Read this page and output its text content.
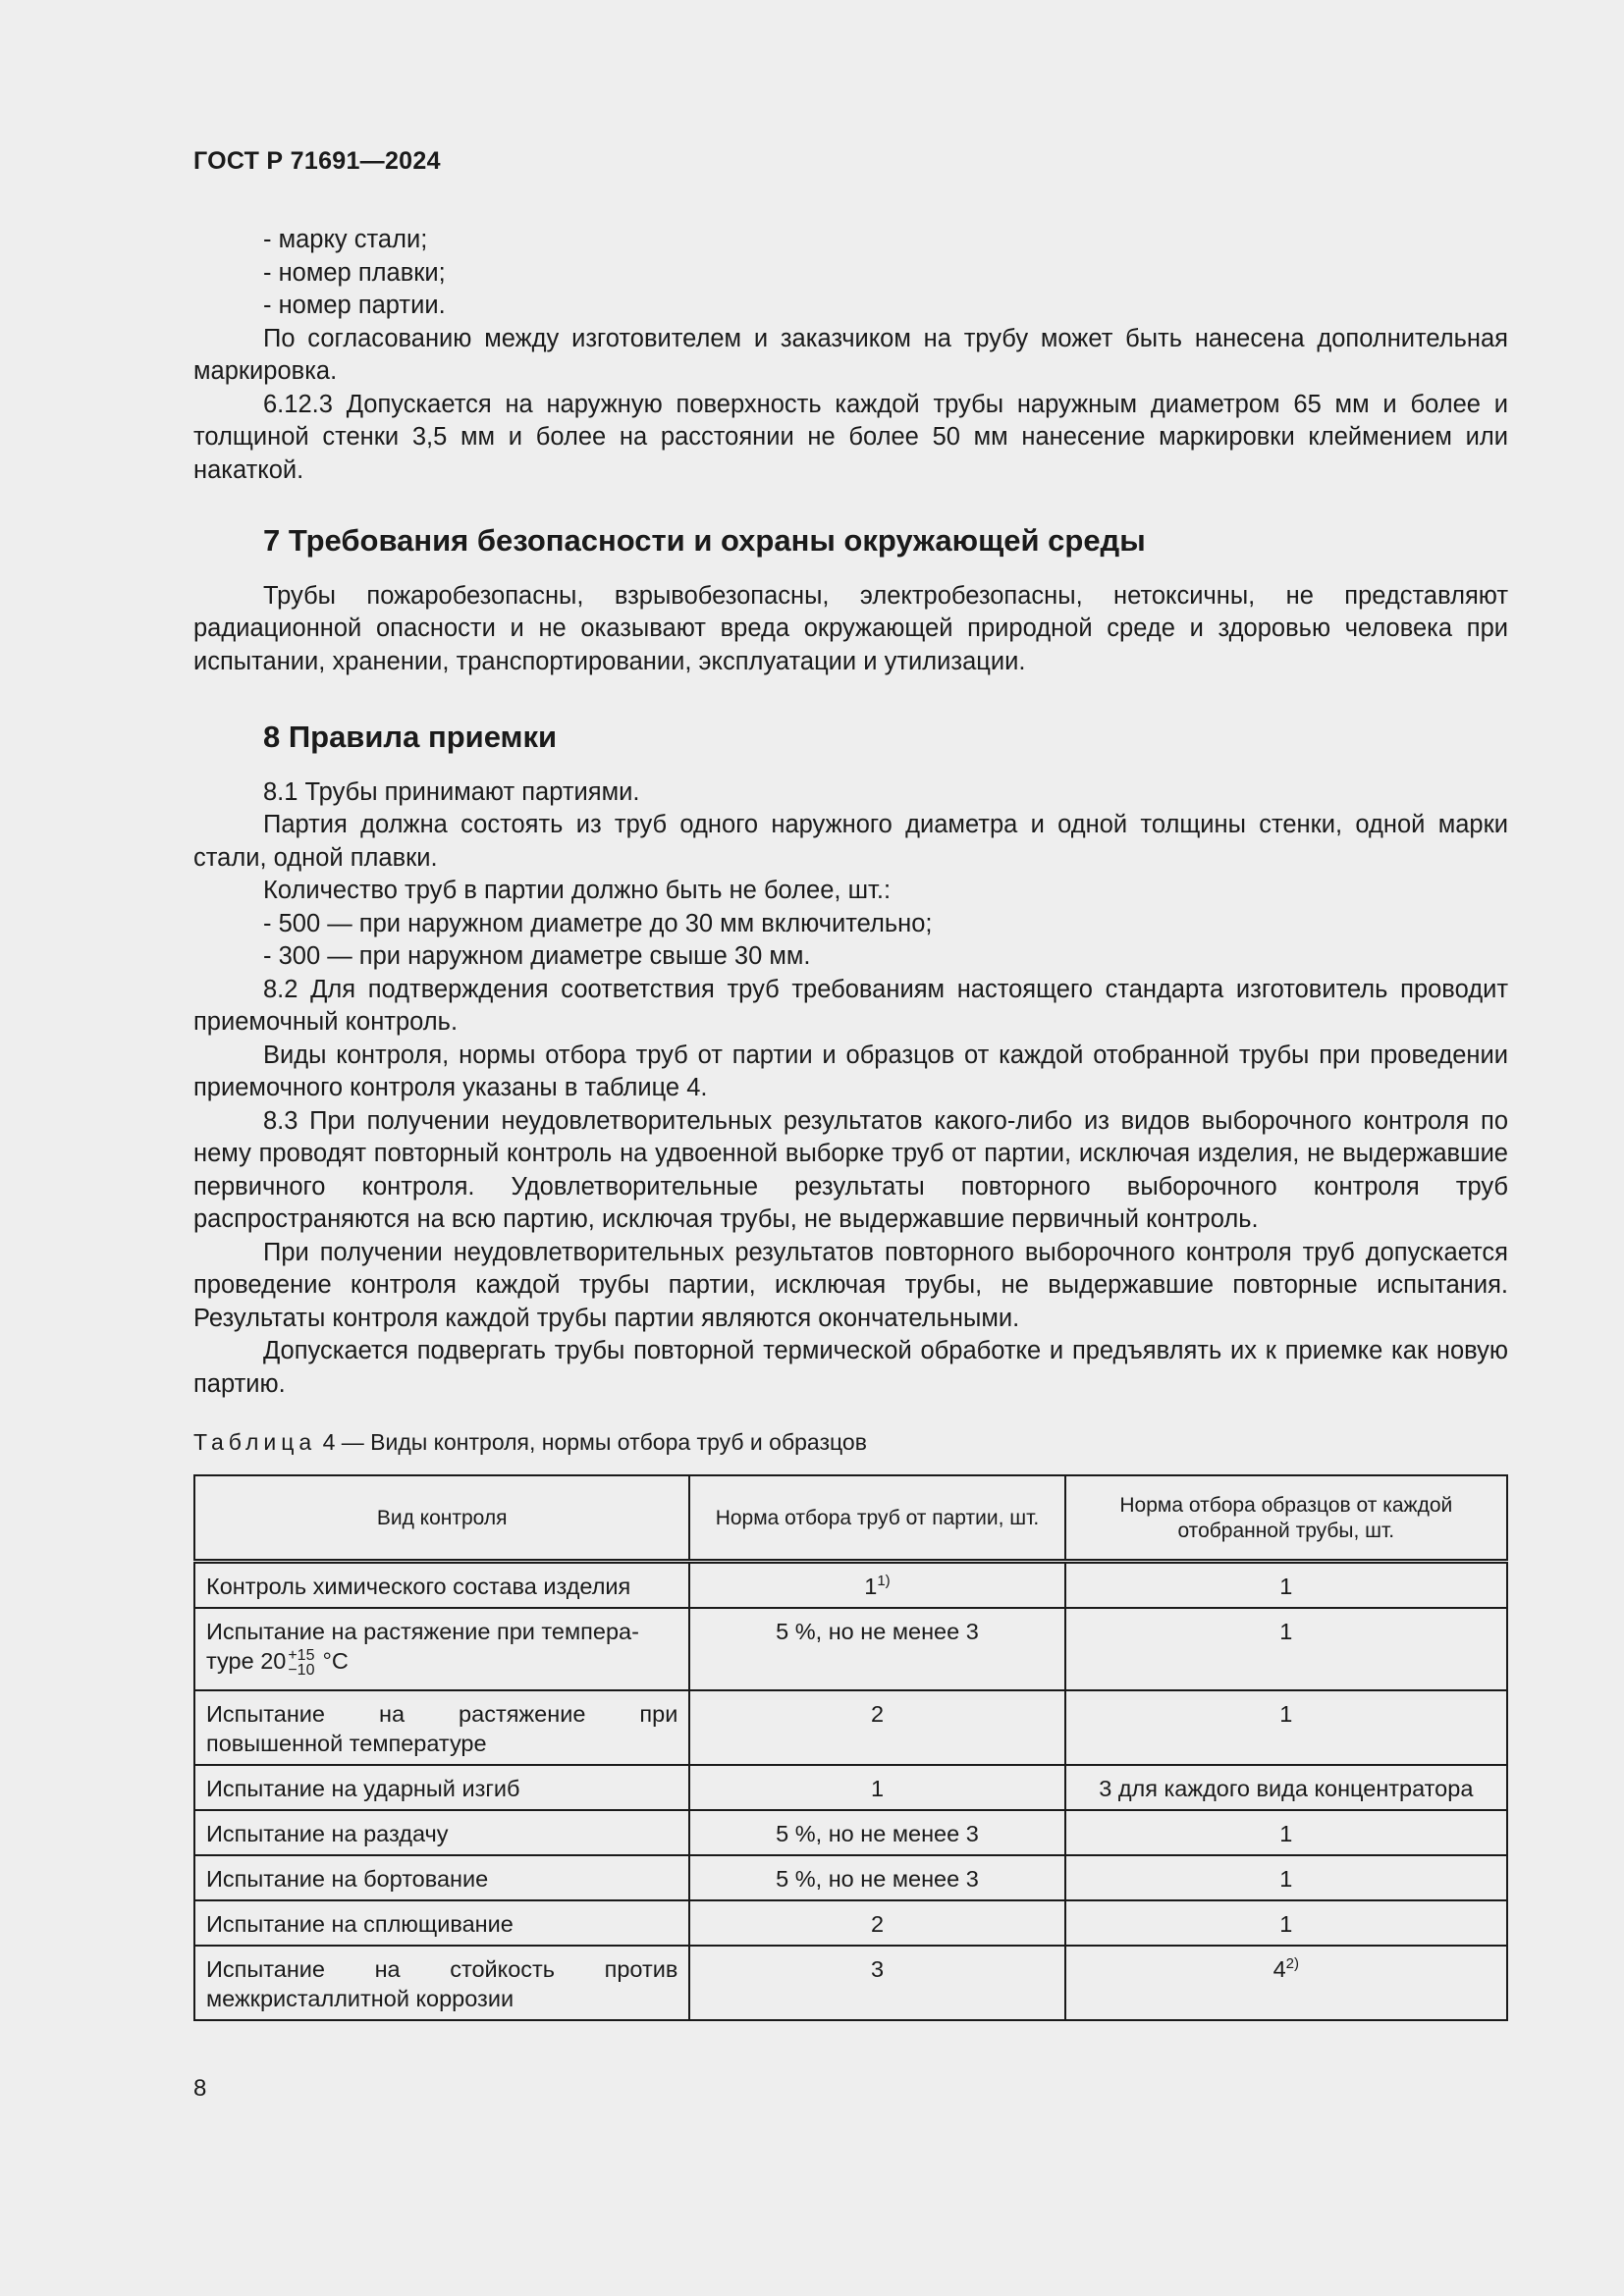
ГОСТ Р 71691—2024

- марку стали;

- номер плавки;

- номер партии.

По согласованию между изготовителем и заказчиком на трубу может быть нанесена дополнительная маркировка.

6.12.3 Допускается на наружную поверхность каждой трубы наружным диаметром 65 мм и более и толщиной стенки 3,5 мм и более на расстоянии не более 50 мм нанесение маркировки клеймением или накаткой.

7 Требования безопасности и охраны окружающей среды

Трубы пожаробезопасны, взрывобезопасны, электробезопасны, нетоксичны, не представляют радиационной опасности и не оказывают вреда окружающей природной среде и здоровью человека при испытании, хранении, транспортировании, эксплуатации и утилизации.

8 Правила приемки

8.1 Трубы принимают партиями.

Партия должна состоять из труб одного наружного диаметра и одной толщины стенки, одной марки стали, одной плавки.

Количество труб в партии должно быть не более, шт.:

- 500 — при наружном диаметре до 30 мм включительно;

- 300 — при наружном диаметре свыше 30 мм.

8.2 Для подтверждения соответствия труб требованиям настоящего стандарта изготовитель проводит приемочный контроль.

Виды контроля, нормы отбора труб от партии и образцов от каждой отобранной трубы при проведении приемочного контроля указаны в таблице 4.

8.3 При получении неудовлетворительных результатов какого-либо из видов выборочного контроля по нему проводят повторный контроль на удвоенной выборке труб от партии, исключая изделия, не выдержавшие первичного контроля. Удовлетворительные результаты повторного выборочного контроля труб распространяются на всю партию, исключая трубы, не выдержавшие первичный контроль.

При получении неудовлетворительных результатов повторного выборочного контроля труб допускается проведение контроля каждой трубы партии, исключая трубы, не выдержавшие повторные испытания. Результаты контроля каждой трубы партии являются окончательными.

Допускается подвергать трубы повторной термической обработке и предъявлять их к приемке как новую партию.

Таблица 4 — Виды контроля, нормы отбора труб и образцов
Вид контроля	Норма отбора труб от партии, шт.	Норма отбора образцов от каждой отобранной трубы, шт.
Контроль химического состава изделия	1$^{1)}$	1
Испытание на растяжение при темпера-
туре 20 +15
−10 °С	5 %, но не менее 3	1

Испытание на растяжение при
повышенной температуре	2	1
Испытание на ударный изгиб	1	3 для каждого вида концентратора
Испытание на раздачу	5 %, но не менее 3	1
Испытание на бортование	5 %, но не менее 3	1
Испытание на сплющивание	2	1

Испытание на стойкость против
межкристаллитной коррозии	3	4$^{2)}$
8
